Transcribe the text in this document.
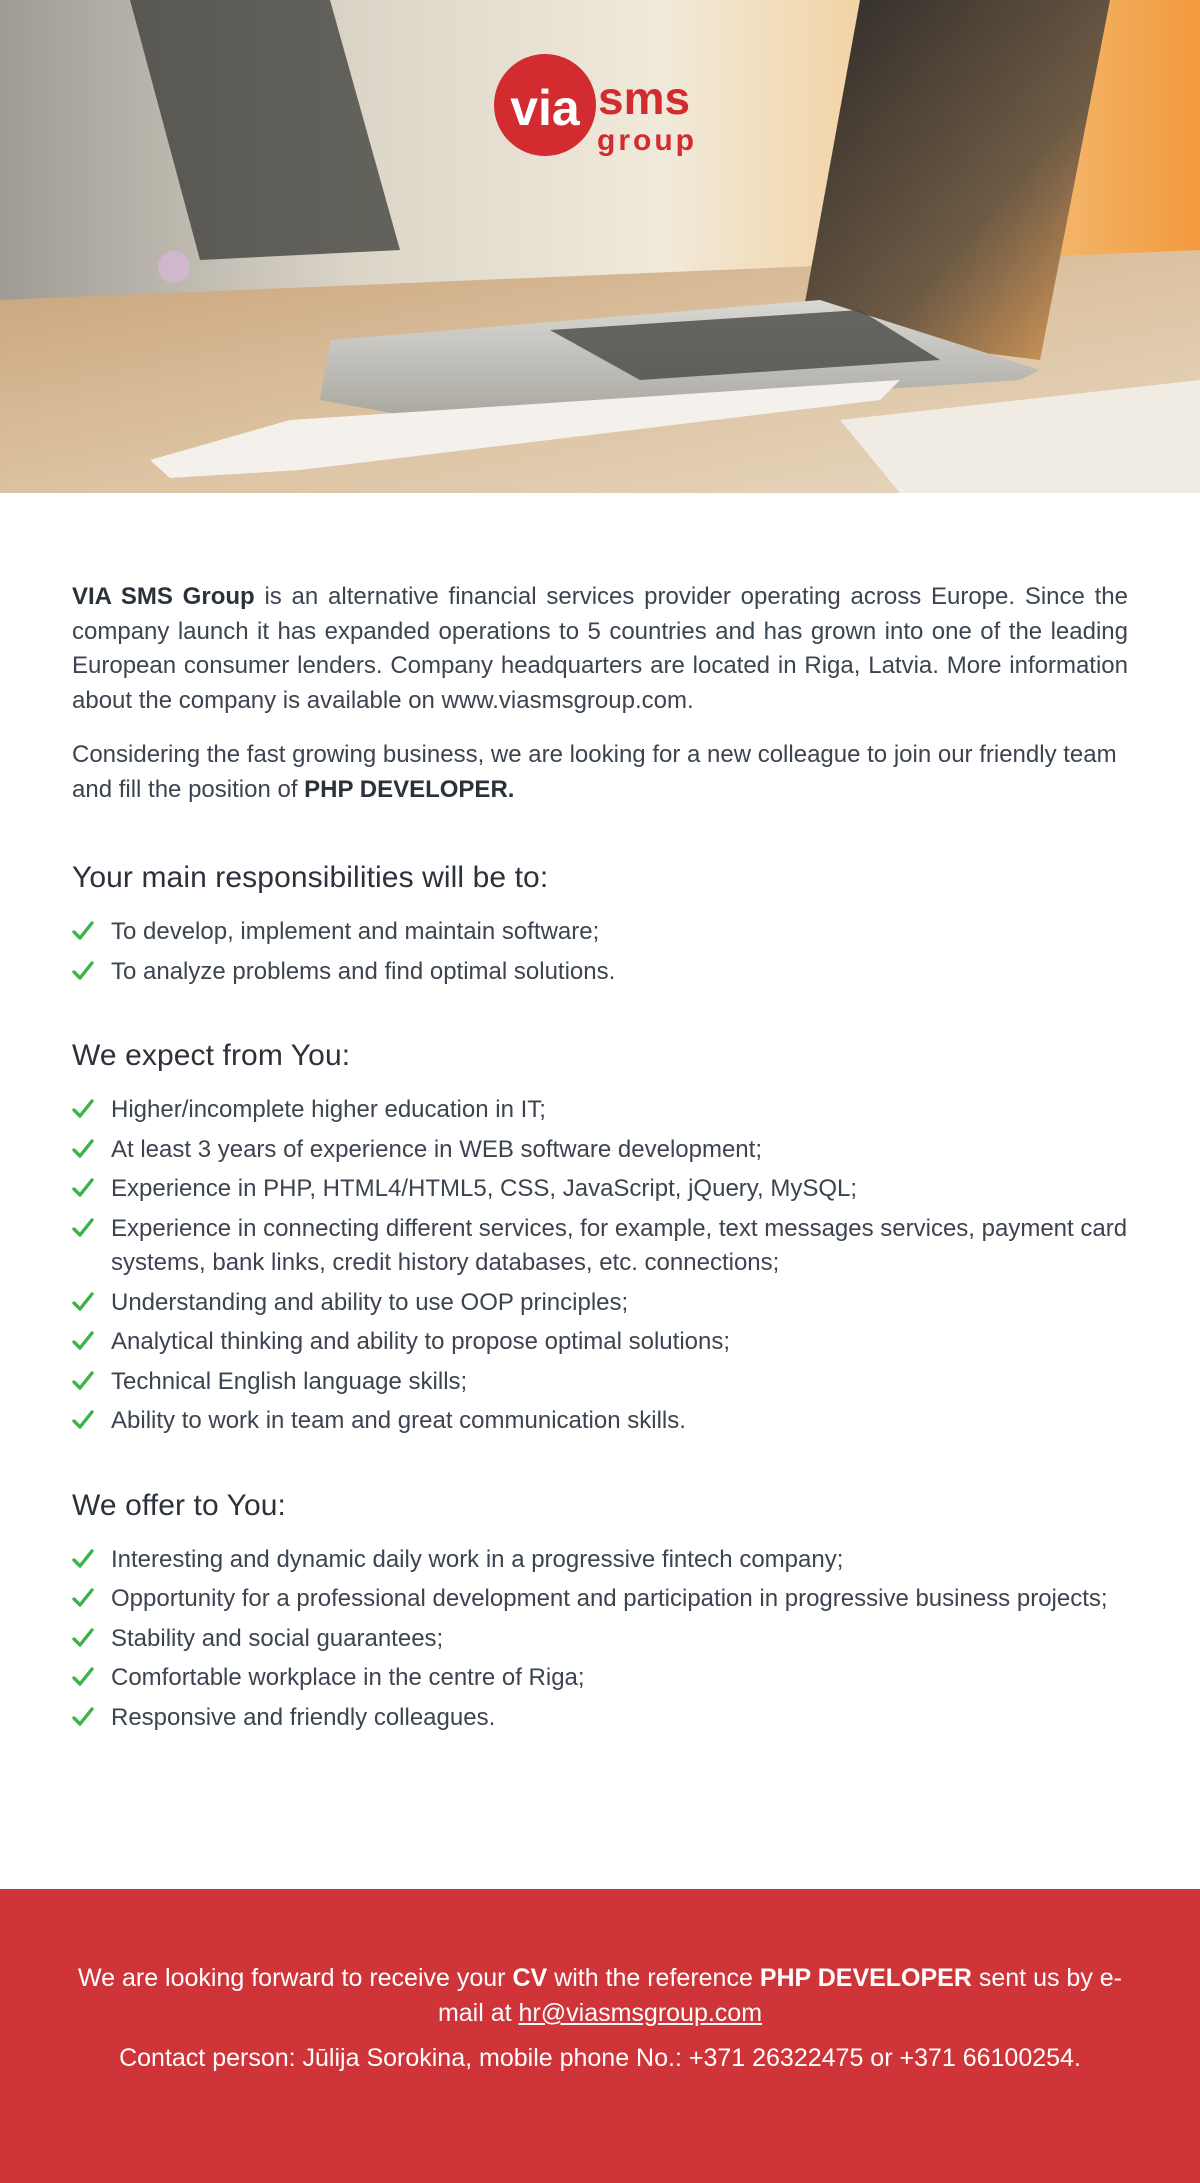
via sms
group

VIA SMS Group is an alternative financial services provider operating across Europe. Since the company launch it has expanded operations to 5 countries and has grown into one of the leading European consumer lenders. Company headquarters are located in Riga, Latvia. More information about the company is available on www.viasmsgroup.com.

Considering the fast growing business, we are looking for a new colleague to join our friendly team and fill the position of PHP DEVELOPER.

Your main responsibilities will be to:
To develop, implement and maintain software;
To analyze problems and find optimal solutions.
We expect from You:
Higher/incomplete higher education in IT;
At least 3 years of experience in WEB software development;
Experience in PHP, HTML4/HTML5, CSS, JavaScript, jQuery, MySQL;
Experience in connecting different services, for example, text messages services, payment card systems, bank links, credit history databases, etc. connections;
Understanding and ability to use OOP principles;
Analytical thinking and ability to propose optimal solutions;
Technical English language skills;
Ability to work in team and great communication skills.
We offer to You:
Interesting and dynamic daily work in a progressive fintech company;
Opportunity for a professional development and participation in progressive business projects;
Stability and social guarantees;
Comfortable workplace in the centre of Riga;
Responsive and friendly colleagues.

We are looking forward to receive your CV with the reference PHP DEVELOPER sent us by e-mail at hr@viasmsgroup.com

Contact person: Jūlija Sorokina, mobile phone No.: +371 26322475 or +371 66100254.
